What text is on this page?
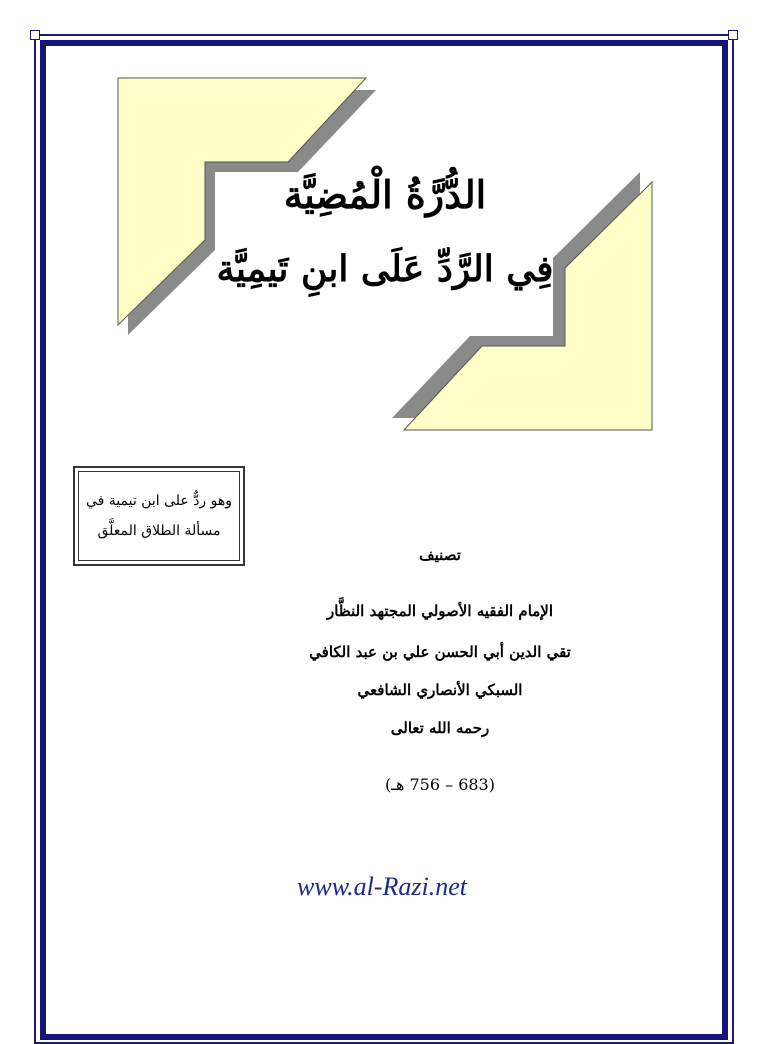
الدُّرَّةُ الْمُضِيَّة
فِي الرَّدِّ عَلَى ابنِ تَيمِيَّة
وهو ردٌّ على ابن تيمية في
مسألة الطلاق المعلَّق
تصنيف
الإمام الفقيه الأصولي المجتهد النظَّار
تقي الدين أبي الحسن علي بن عبد الكافي
السبكي الأنصاري الشافعي
رحمه الله تعالى
(683 – 756 هـ)
www.al-Razi.net
